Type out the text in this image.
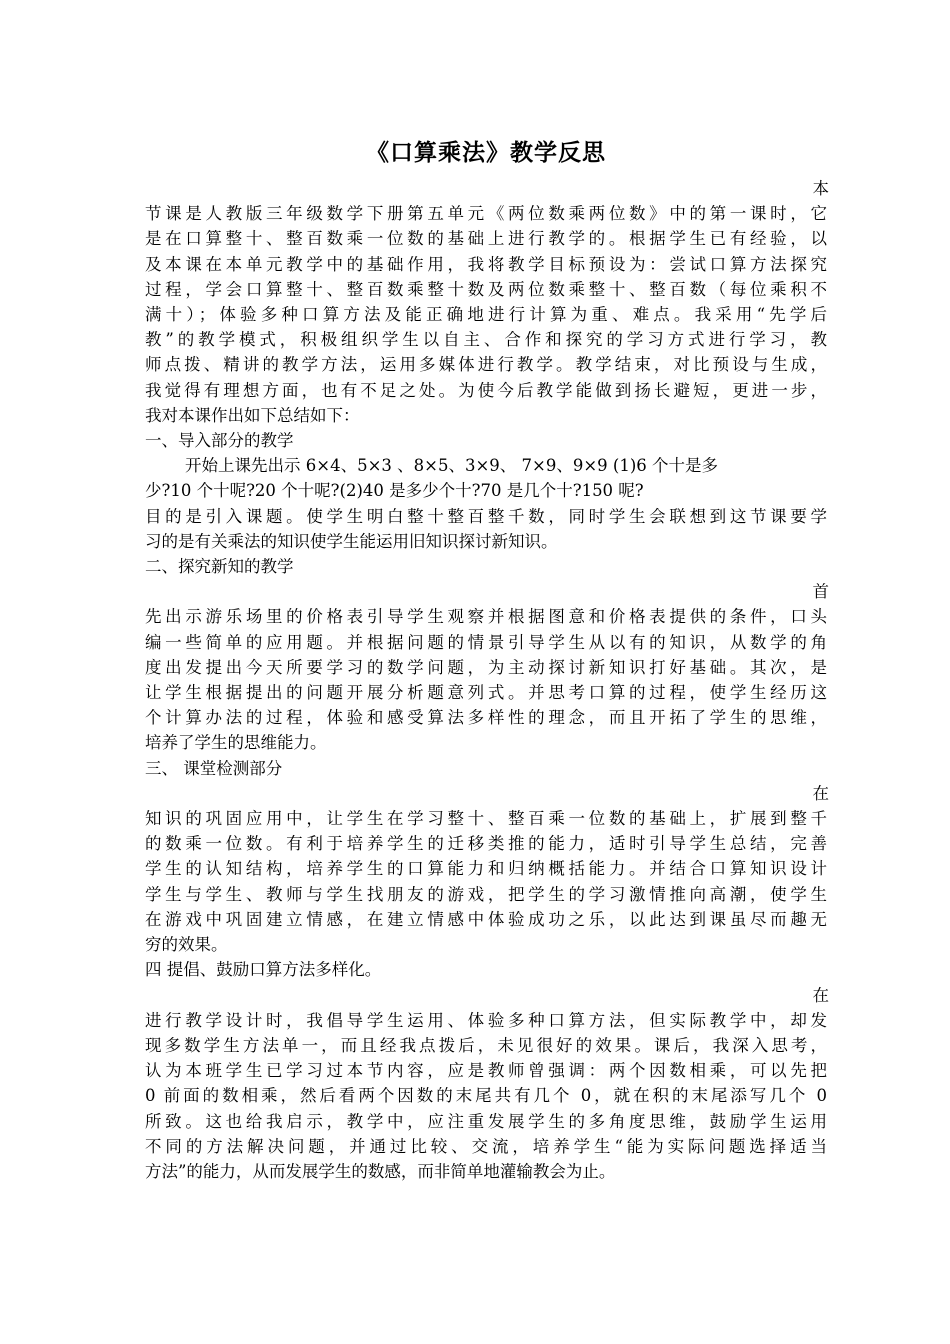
《口算乘法》教学反思

本

节课是人教版三年级数学下册第五单元《两位数乘两位数》中的第一课时，它

是在口算整十、整百数乘一位数的基础上进行教学的。根据学生已有经验，以

及本课在本单元教学中的基础作用，我将教学目标预设为：尝试口算方法探究

过程，学会口算整十、整百数乘整十数及两位数乘整十、整百数（每位乘积不

满十）；体验多种口算方法及能正确地进行计算为重、难点。我采用“先学后

教”的教学模式，积极组织学生以自主、合作和探究的学习方式进行学习，教

师点拨、精讲的教学方法，运用多媒体进行教学。教学结束，对比预设与生成，

我觉得有理想方面，也有不足之处。为使今后教学能做到扬长避短，更进一步，

我对本课作出如下总结如下：

一、导入部分的教学

开始上课先出示 6×4、5×3 、8×5、3×9、 7×9、9×9 (1)6 个十是多

少?10 个十呢?20 个十呢?(2)40 是多少个十?70 是几个十?150 呢?

目的是引入课题。使学生明白整十整百整千数，同时学生会联想到这节课要学

习的是有关乘法的知识使学生能运用旧知识探讨新知识。

二、探究新知的教学

首

先出示游乐场里的价格表引导学生观察并根据图意和价格表提供的条件，口头

编一些简单的应用题。并根据问题的情景引导学生从以有的知识，从数学的角

度出发提出今天所要学习的数学问题，为主动探讨新知识打好基础。其次，是

让学生根据提出的问题开展分析题意列式。并思考口算的过程，使学生经历这

个计算办法的过程，体验和感受算法多样性的理念，而且开拓了学生的思维，

培养了学生的思维能力。

三、 课堂检测部分

在

知识的巩固应用中，让学生在学习整十、整百乘一位数的基础上，扩展到整千

的数乘一位数。有利于培养学生的迁移类推的能力，适时引导学生总结，完善

学生的认知结构，培养学生的口算能力和归纳概括能力。并结合口算知识设计

学生与学生、教师与学生找朋友的游戏，把学生的学习激情推向高潮，使学生

在游戏中巩固建立情感，在建立情感中体验成功之乐，以此达到课虽尽而趣无

穷的效果。

四 提倡、鼓励口算方法多样化。

在

进行教学设计时，我倡导学生运用、体验多种口算方法，但实际教学中，却发

现多数学生方法单一，而且经我点拨后，未见很好的效果。课后，我深入思考，

认为本班学生已学习过本节内容，应是教师曾强调：两个因数相乘，可以先把

0 前面的数相乘，然后看两个因数的末尾共有几个 0，就在积的末尾添写几个 0

所致。这也给我启示，教学中，应注重发展学生的多角度思维，鼓励学生运用

不同的方法解决问题，并通过比较、交流，培养学生“能为实际问题选择适当

方法”的能力，从而发展学生的数感，而非简单地灌输教会为止。
